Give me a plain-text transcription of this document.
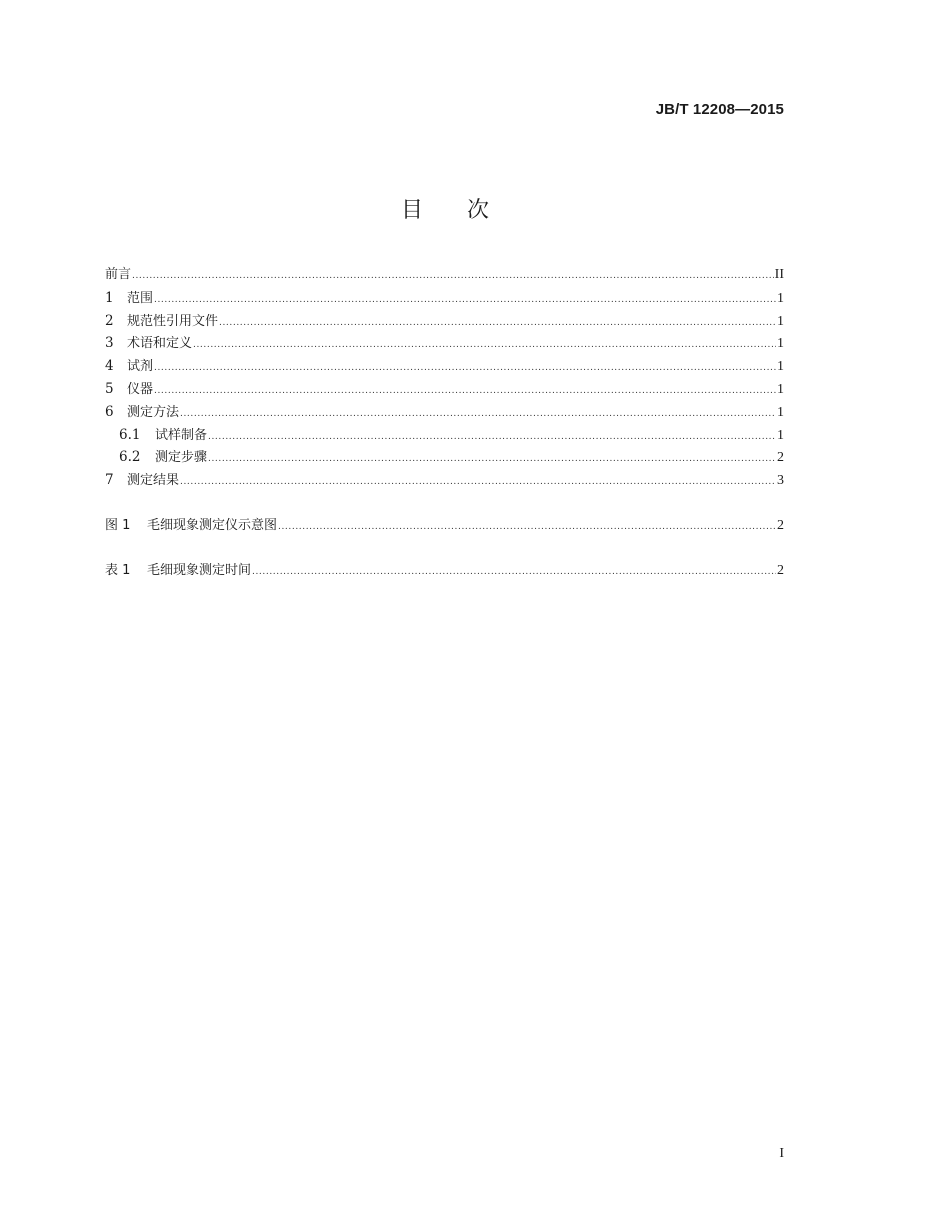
JB/T 12208—2015
目 次
前言 .....	II
1	范围 .....	1
2	规范性引用文件 .....	1
3	术语和定义 .....	1
4	试剂 .....	1
5	仪器 .....	1
6	测定方法 .....	1
6.1	试样制备 .....	1
6.2	测定步骤 .....	2
7	测定结果 .....	3
图 1	毛细现象测定仪示意图 .....	2
表 1	毛细现象测定时间 .....	2
I
